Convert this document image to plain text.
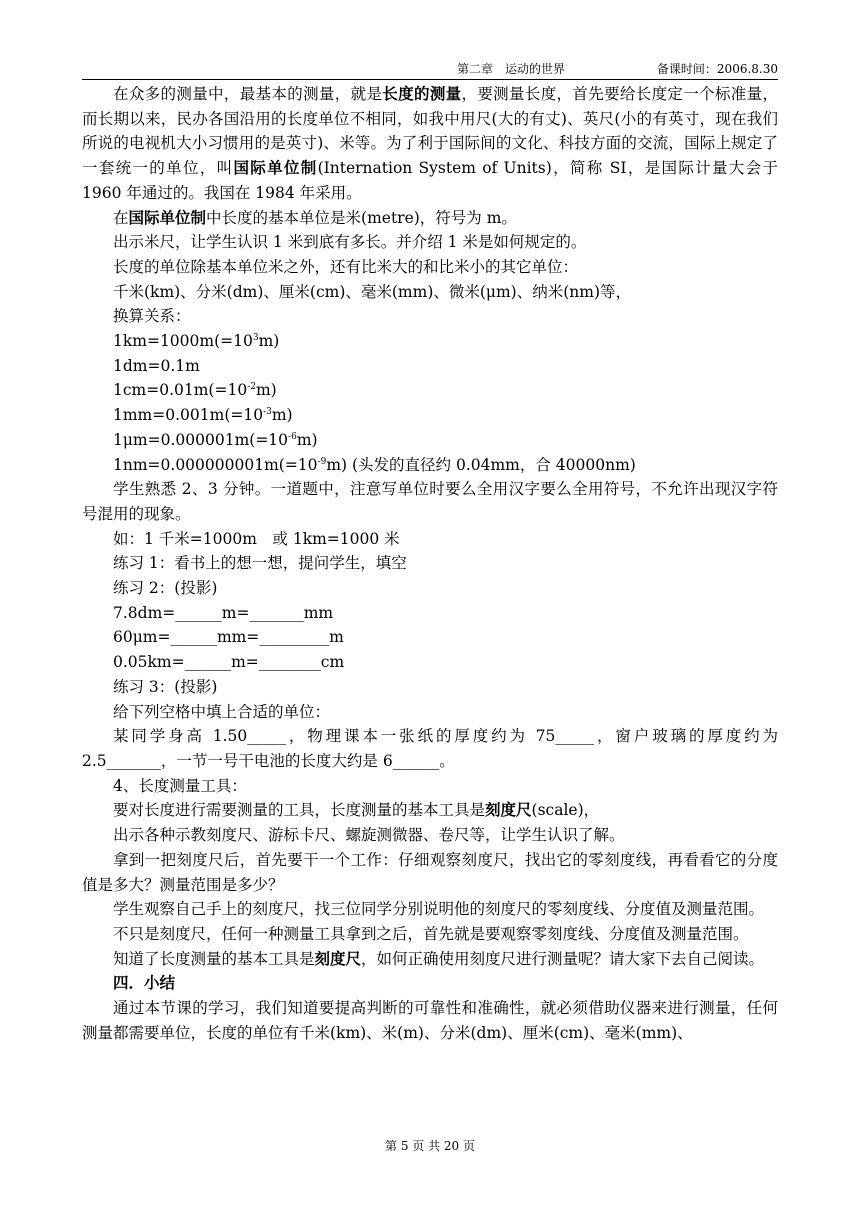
第二章　运动的世界	备课时间：2006.8.30

在众多的测量中，最基本的测量，就是长度的测量，要测量长度，首先要给长度定一个标准量，而长期以来，民办各国沿用的长度单位不相同，如我中用尺(大的有丈)、英尺(小的有英寸，现在我们所说的电视机大小习惯用的是英寸)、米等。为了利于国际间的文化、科技方面的交流，国际上规定了一套统一的单位，叫国际单位制(Internation System of Units)，简称 SI，是国际计量大会于 1960 年通过的。我国在 1984 年采用。

在国际单位制中长度的基本单位是米(metre)，符号为 m。

出示米尺，让学生认识 1 米到底有多长。并介绍 1 米是如何规定的。

长度的单位除基本单位米之外，还有比米大的和比米小的其它单位：

千米(km)、分米(dm)、厘米(cm)、毫米(mm)、微米(μm)、纳米(nm)等，

换算关系：

$1km=1000m(=10^3m)$

1dm=0.1m

$1cm=0.01m(=10^{-2}m)$

$1mm=0.001m(=10^{-3}m)$

$1\mu m=0.000001m(=10^{-6}m)$

$1nm=0.000000001m(=10^{-9}m)$ (头发的直径约 0.04mm，合 40000nm)

学生熟悉 2、3 分钟。一道题中，注意写单位时要么全用汉字要么全用符号，不允许出现汉字符号混用的现象。

如：1 千米=1000m　或 1km=1000 米

练习 1：看书上的想一想，提问学生，填空

练习 2：(投影)

7.8dm=______m=_______mm

60μm=______mm=_________m

0.05km=______m=________cm

练习 3：(投影)

给下列空格中填上合适的单位：

某同学身高 1.50_____，物理课本一张纸的厚度约为 75_____，窗户玻璃的厚度约为 2.5_______，一节一号干电池的长度大约是 6______。

4、长度测量工具：

要对长度进行需要测量的工具，长度测量的基本工具是刻度尺(scale)，

出示各种示教刻度尺、游标卡尺、螺旋测微器、卷尺等，让学生认识了解。

拿到一把刻度尺后，首先要干一个工作：仔细观察刻度尺，找出它的零刻度线，再看看它的分度值是多大？测量范围是多少？

学生观察自己手上的刻度尺，找三位同学分别说明他的刻度尺的零刻度线、分度值及测量范围。

不只是刻度尺，任何一种测量工具拿到之后，首先就是要观察零刻度线、分度值及测量范围。

知道了长度测量的基本工具是刻度尺，如何正确使用刻度尺进行测量呢？请大家下去自己阅读。

四．小结

通过本节课的学习，我们知道要提高判断的可靠性和准确性，就必须借助仪器来进行测量，任何测量都需要单位，长度的单位有千米(km)、米(m)、分米(dm)、厘米(cm)、毫米(mm)、

第 5 页 共 20 页
